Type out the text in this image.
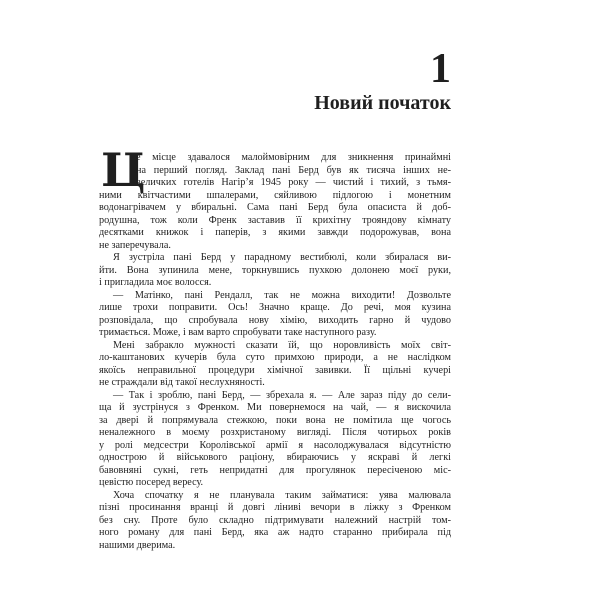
1
Новий початок

Ц
е місце здавалося малоймовірним для зникнення принаймні
на перший погляд. Заклад пані Берд був як тисяча інших не-
величких готелів Нагір’я 1945 року — чистий і тихий, з тьмя-
ними квітчастими шпалерами, сяйливою підлогою і монетним
водонагрівачем у вбиральні. Сама пані Берд була опасиста й доб-
родушна, тож коли Френк заставив її крихітну трояндову кімнату
десятками книжок і паперів, з якими завжди подорожував, вона
не заперечувала.

Я зустріла пані Берд у парадному вестибюлі, коли збиралася ви-
йти. Вона зупинила мене, торкнувшись пухкою долонею моєї руки,
і пригладила моє волосся.

— Матінко, пані Рендалл, так не можна виходити! Дозвольте
лише трохи поправити. Ось! Значно краще. До речі, моя кузина
розповідала, що спробувала нову хімію, виходить гарно й чудово
тримається. Може, і вам варто спробувати таке наступного разу.

Мені забракло мужності сказати їй, що норовливість моїх світ-
ло-каштанових кучерів була суто примхою природи, а не наслідком
якоїсь неправильної процедури хімічної завивки. Її щільні кучері
не страждали від такої неслухняності.

— Так і зроблю, пані Берд, — збрехала я. — Але зараз піду до сели-
ща й зустрінуся з Френком. Ми повернемося на чай, — я вискочила
за двері й попрямувала стежкою, поки вона не помітила ще чогось
неналежного в моєму розхристаному вигляді. Після чотирьох років
у ролі медсестри Королівської армії я насолоджувалася відсутністю
однострою й військового раціону, вбираючись у яскраві й легкі
бавовняні сукні, геть непридатні для прогулянок пересіченою міс-
цевістю посеред вересу.

Хоча спочатку я не планувала таким займатися: уява малювала
пізні просинання вранці й довгі ліниві вечори в ліжку з Френком
без сну. Проте було складно підтримувати належний настрій том-
ного роману для пані Берд, яка аж надто старанно прибирала під
нашими дверима.
